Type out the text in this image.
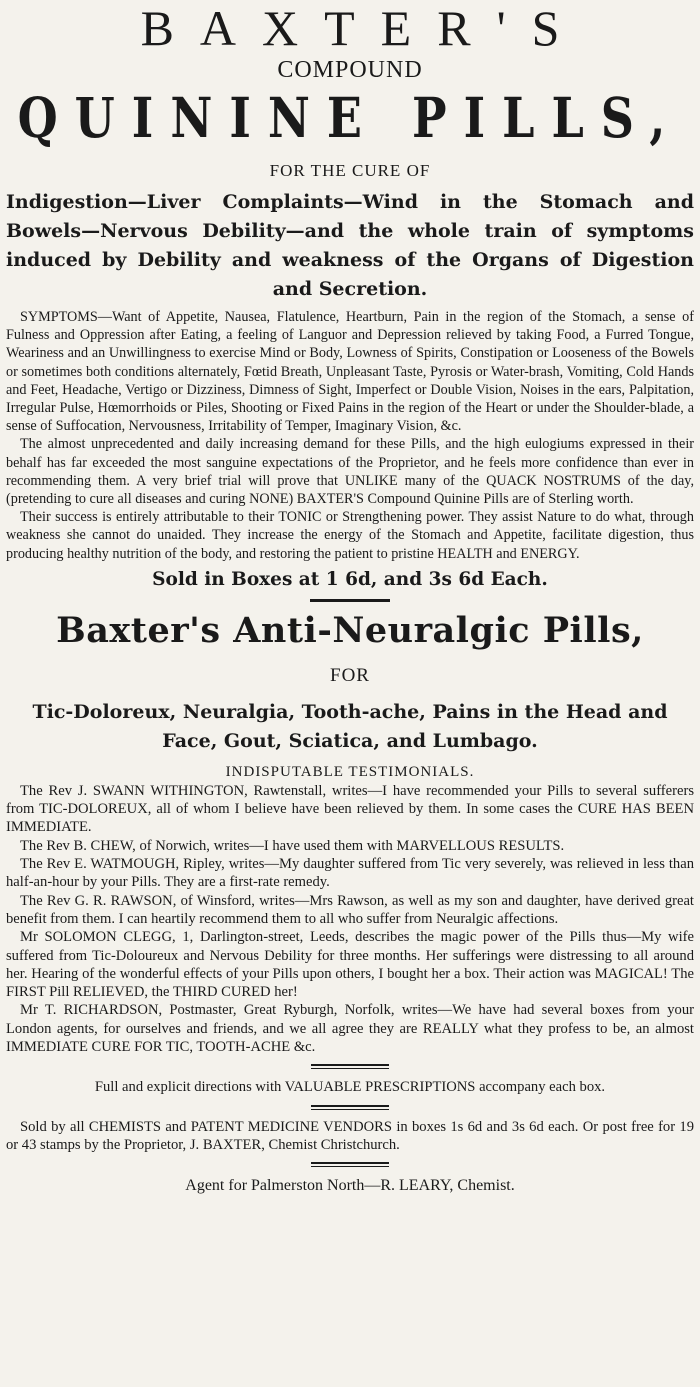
BAXTER'S
COMPOUND
QUININE PILLS,
FOR THE CURE OF
Indigestion—Liver Complaints—Wind in the Stomach and Bowels—Nervous Debility—and the whole train of symptoms induced by Debility and weakness of the Organs of Digestion and Secretion.

SYMPTOMS—Want of Appetite, Nausea, Flatulence, Heartburn, Pain in the region of the Stomach, a sense of Fulness and Oppression after Eating, a feeling of Languor and Depression relieved by taking Food, a Furred Tongue, Weariness and an Unwillingness to exercise Mind or Body, Lowness of Spirits, Constipation or Looseness of the Bowels or sometimes both conditions alternately, Fœtid Breath, Unpleasant Taste, Pyrosis or Water-brash, Vomiting, Cold Hands and Feet, Headache, Vertigo or Dizziness, Dimness of Sight, Imperfect or Double Vision, Noises in the ears, Palpitation, Irregular Pulse, Hœmorrhoids or Piles, Shooting or Fixed Pains in the region of the Heart or under the Shoulder-blade, a sense of Suffocation, Nervousness, Irritability of Temper, Imaginary Vision, &c.

The almost unprecedented and daily increasing demand for these Pills, and the high eulogiums expressed in their behalf has far exceeded the most sanguine expectations of the Proprietor, and he feels more confidence than ever in recommending them. A very brief trial will prove that UNLIKE many of the QUACK NOSTRUMS of the day, (pretending to cure all diseases and curing NONE) BAXTER'S Compound Quinine Pills are of Sterling worth.

Their success is entirely attributable to their TONIC or Strengthening power. They assist Nature to do what, through weakness she cannot do unaided. They increase the energy of the Stomach and Appetite, facilitate digestion, thus producing healthy nutrition of the body, and restoring the patient to pristine HEALTH and ENERGY.

Sold in Boxes at 1 6d, and 3s 6d Each.
Baxter's Anti-Neuralgic Pills,
FOR
Tic-Doloreux, Neuralgia, Tooth-ache, Pains in the Head and Face, Gout, Sciatica, and Lumbago.
INDISPUTABLE TESTIMONIALS.

The Rev J. SWANN WITHINGTON, Rawtenstall, writes—I have recommended your Pills to several sufferers from TIC-DOLOREUX, all of whom I believe have been relieved by them. In some cases the CURE HAS BEEN IMMEDIATE.

The Rev B. CHEW, of Norwich, writes—I have used them with MARVELLOUS RESULTS.

The Rev E. WATMOUGH, Ripley, writes—My daughter suffered from Tic very severely, was relieved in less than half-an-hour by your Pills. They are a first-rate remedy.

The Rev G. R. RAWSON, of Winsford, writes—Mrs Rawson, as well as my son and daughter, have derived great benefit from them. I can heartily recommend them to all who suffer from Neuralgic affections.

Mr SOLOMON CLEGG, 1, Darlington-street, Leeds, describes the magic power of the Pills thus—My wife suffered from Tic-Doloureux and Nervous Debility for three months. Her sufferings were distressing to all around her. Hearing of the wonderful effects of your Pills upon others, I bought her a box. Their action was MAGICAL! The FIRST Pill RELIEVED, the THIRD CURED her!

Mr T. RICHARDSON, Postmaster, Great Ryburgh, Norfolk, writes—We have had several boxes from your London agents, for ourselves and friends, and we all agree they are REALLY what they profess to be, an almost IMMEDIATE CURE FOR TIC, TOOTH-ACHE &c.

Full and explicit directions with VALUABLE PRESCRIPTIONS accompany each box.

Sold by all CHEMISTS and PATENT MEDICINE VENDORS in boxes 1s 6d and 3s 6d each. Or post free for 19 or 43 stamps by the Proprietor, J. BAXTER, Chemist Christchurch.

Agent for Palmerston North—R. LEARY, Chemist.
